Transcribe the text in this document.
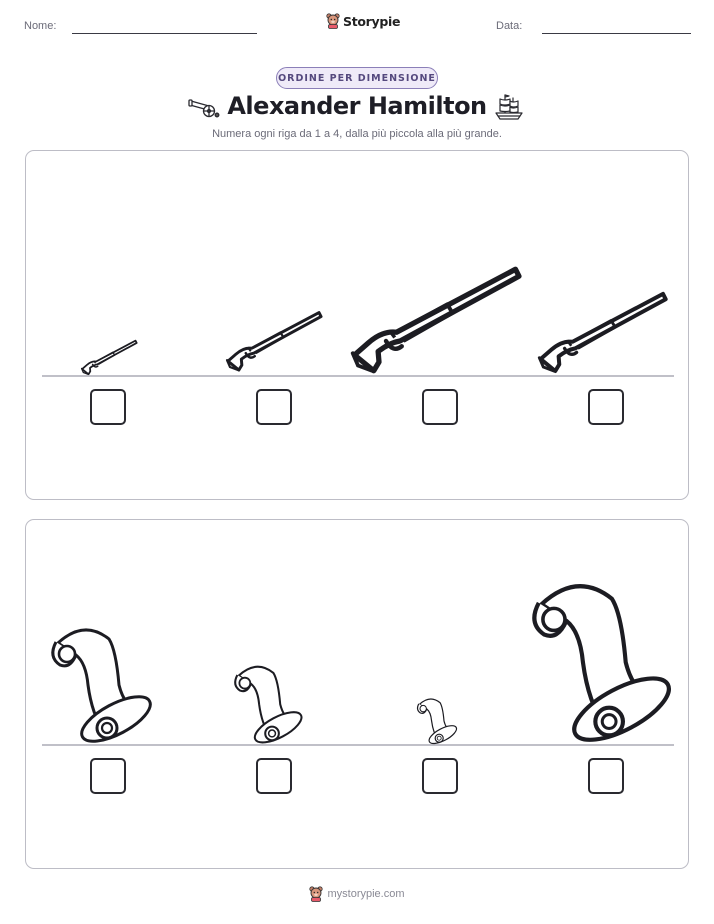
Nome:	Storypie	Data:
ORDINE PER DIMENSIONE
Alexander Hamilton
Numera ogni riga da 1 a 4, dalla più piccola alla più grande.
mystorypie.com
